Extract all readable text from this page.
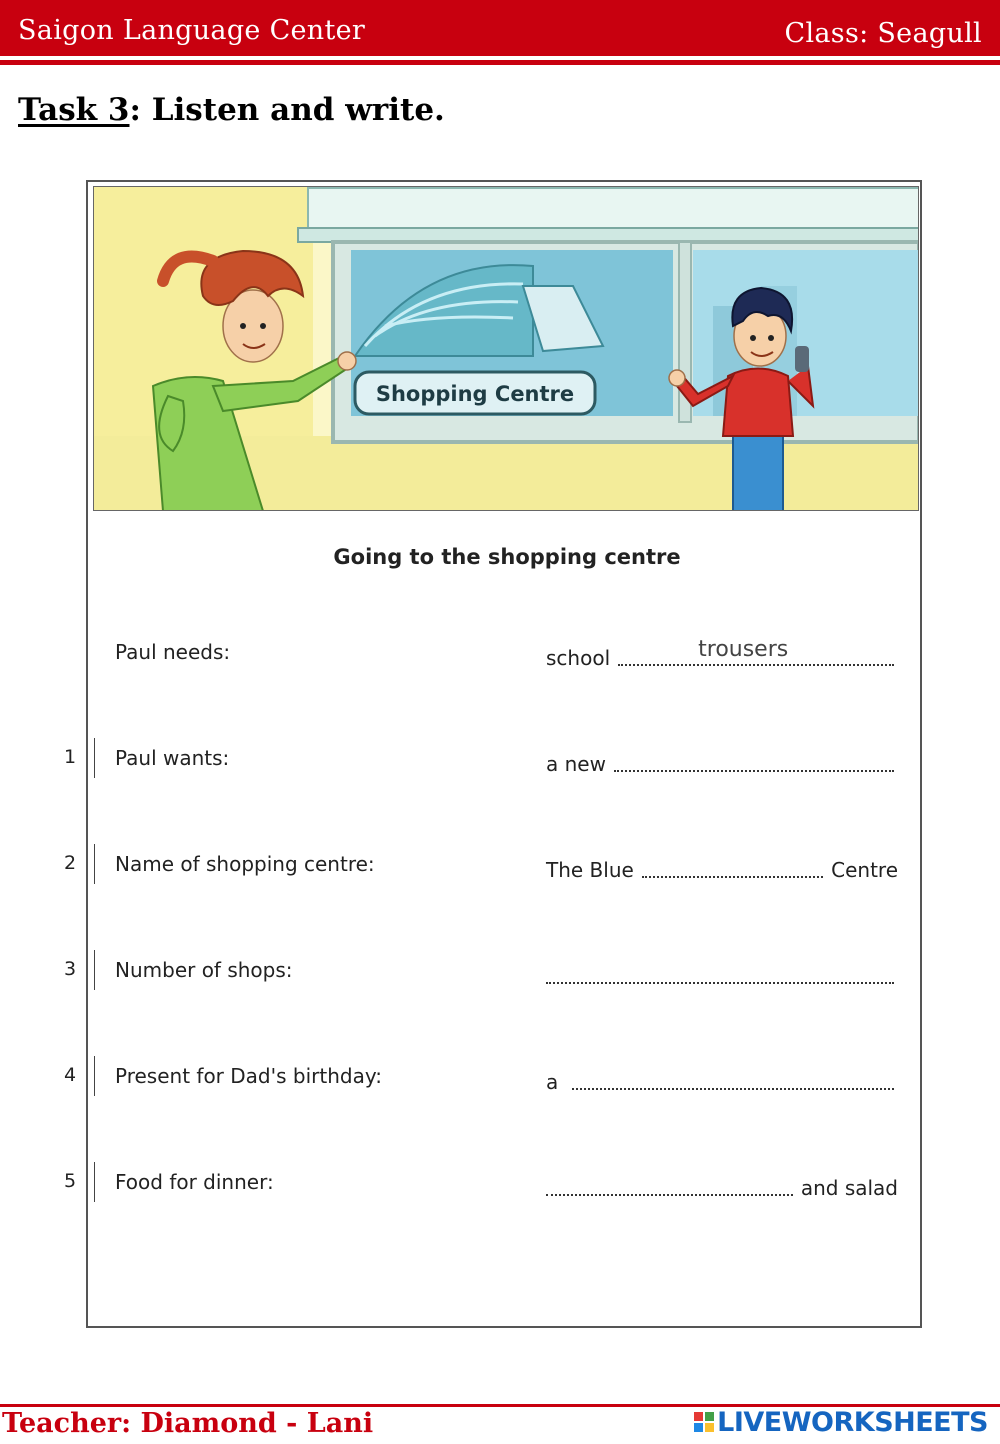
Saigon Language Center	Class: Seagull
Task 3: Listen and write.
Shopping Centre
Going to the shopping centre
Paul needs:	school	trousers
1 Paul wants:	a new
2 Name of shopping centre:	The Blue	Centre
3 Number of shops:
4 Present for Dad's birthday:	a
5 Food for dinner:	and salad
Teacher: Diamond - Lani	LIVEWORKSHEETS
